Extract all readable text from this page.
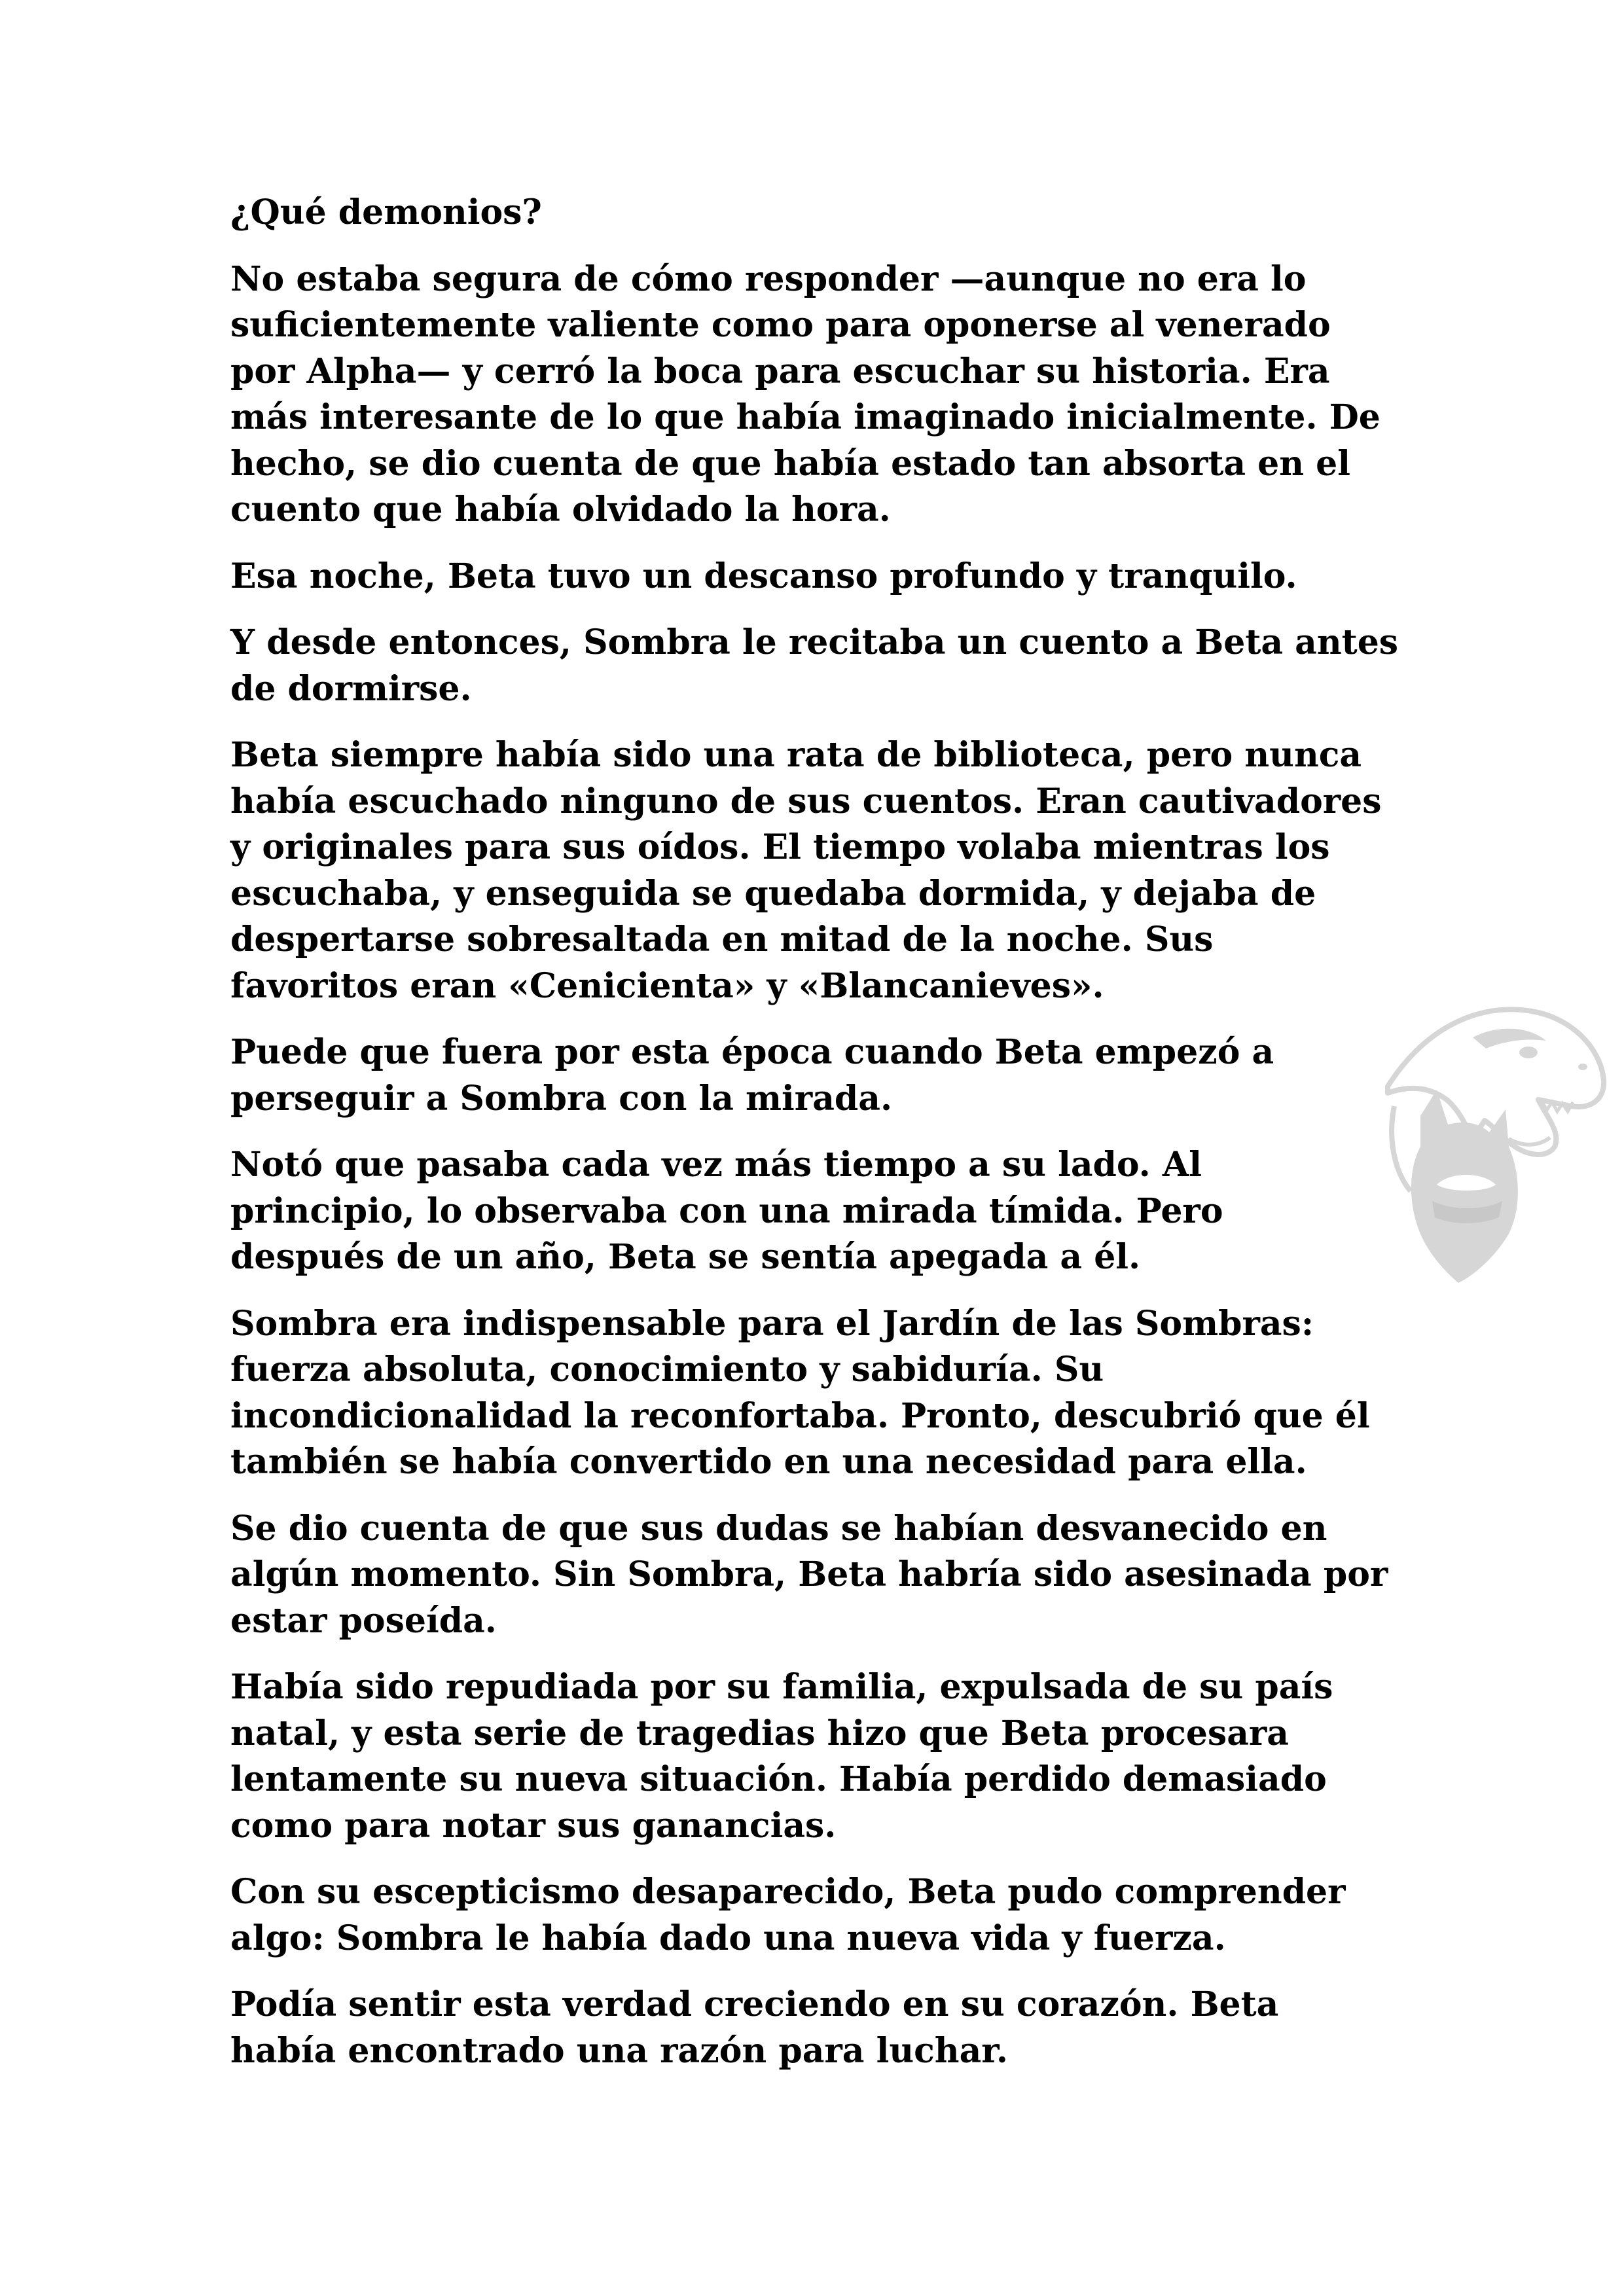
¿Qué demonios?

No estaba segura de cómo responder —aunque no era lo
suficientemente valiente como para oponerse al venerado
por Alpha— y cerró la boca para escuchar su historia. Era
más interesante de lo que había imaginado inicialmente. De
hecho, se dio cuenta de que había estado tan absorta en el
cuento que había olvidado la hora.

Esa noche, Beta tuvo un descanso profundo y tranquilo.

Y desde entonces, Sombra le recitaba un cuento a Beta antes
de dormirse.

Beta siempre había sido una rata de biblioteca, pero nunca
había escuchado ninguno de sus cuentos. Eran cautivadores
y originales para sus oídos. El tiempo volaba mientras los
escuchaba, y enseguida se quedaba dormida, y dejaba de
despertarse sobresaltada en mitad de la noche. Sus
favoritos eran «Cenicienta» y «Blancanieves».

Puede que fuera por esta época cuando Beta empezó a
perseguir a Sombra con la mirada.

Notó que pasaba cada vez más tiempo a su lado. Al
principio, lo observaba con una mirada tímida. Pero
después de un año, Beta se sentía apegada a él.

Sombra era indispensable para el Jardín de las Sombras:
fuerza absoluta, conocimiento y sabiduría. Su
incondicionalidad la reconfortaba. Pronto, descubrió que él
también se había convertido en una necesidad para ella.

Se dio cuenta de que sus dudas se habían desvanecido en
algún momento. Sin Sombra, Beta habría sido asesinada por
estar poseída.

Había sido repudiada por su familia, expulsada de su país
natal, y esta serie de tragedias hizo que Beta procesara
lentamente su nueva situación. Había perdido demasiado
como para notar sus ganancias.

Con su escepticismo desaparecido, Beta pudo comprender
algo: Sombra le había dado una nueva vida y fuerza.

Podía sentir esta verdad creciendo en su corazón. Beta
había encontrado una razón para luchar.
